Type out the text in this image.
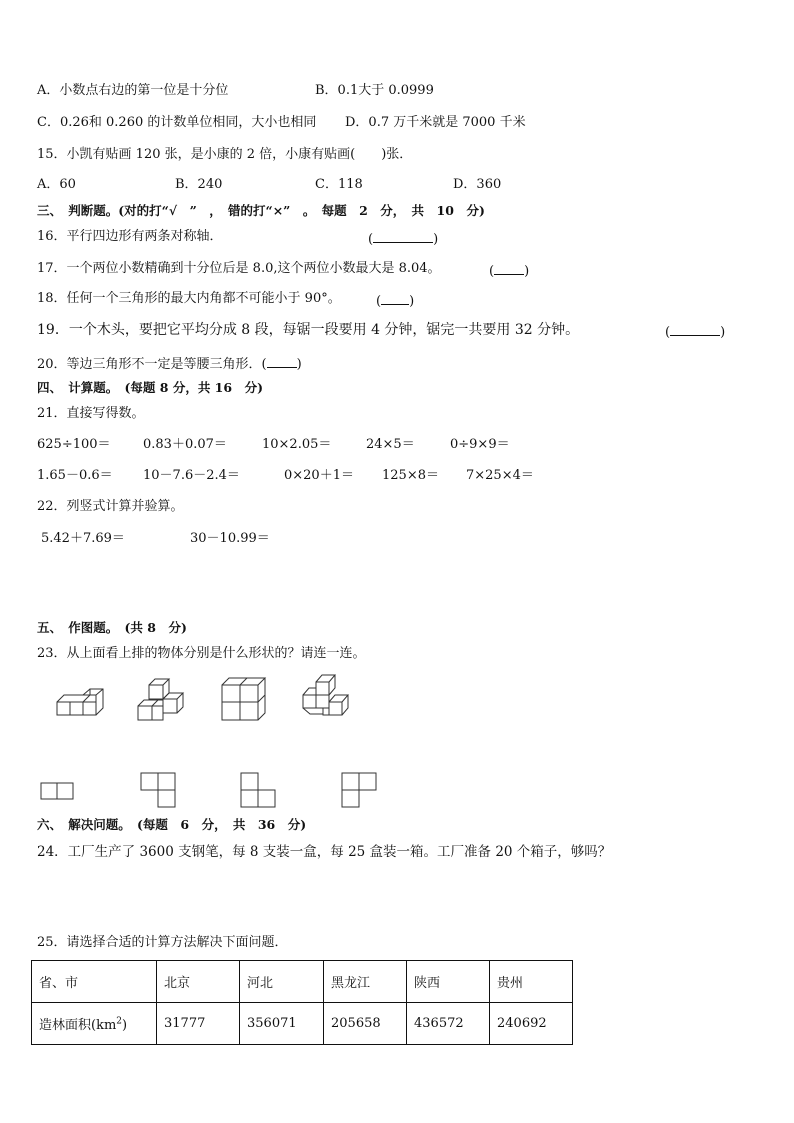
A．小数点右边的第一位是十分位	B．0.1大于 0.0999
C．0.26和 0.260 的计数单位相同，大小也相同 D．0.7 万千米就是 7000 千米
15．小凯有贴画 120 张，是小康的 2 倍，小康有贴画(　　)张．
A．60	B．240	C．118	D．360
三、　判断题。(对的打“√　”　，　错的打“×”　。　每题　2　分，　共　10　分)
16．平行四边形有两条对称轴．	(	)
17．一个两位小数精确到十分位后是 8.0,这个两位小数最大是 8.04。	( )
18．任何一个三角形的最大内角都不可能小于 90°。	( )
19．一个木头，要把它平均分成 8 段，每锯一段要用 4 分钟，锯完一共要用 32 分钟。	(	)
20．等边三角形不一定是等腰三角形．( )
四、　计算题。　(每题 8 分，共 16　分)
21．直接写得数。
625÷100＝ 0.83＋0.07＝	10×2.05＝	24×5＝	0÷9×9＝
1.65－0.6＝ 10－7.6－2.4＝	0×20＋1＝ 125×8＝ 7×25×4＝
22．列竖式计算并验算。
5.42＋7.69＝	30－10.99＝
五、　作图题。　(共 8　分)
23．从上面看上排的物体分别是什么形状的？请连一连。
六、　解决问题。　(每题　6　分，　共　36　分)
24．工厂生产了 3600 支钢笔，每 8 支装一盒，每 25 盒装一箱。工厂准备 20 个箱子，够吗？
25．请选择合适的计算方法解决下面问题．
省、市	北京	河北	黑龙江	陕西	贵州
造林面积$(km^2)$	31777	356071	205658	436572	240692
